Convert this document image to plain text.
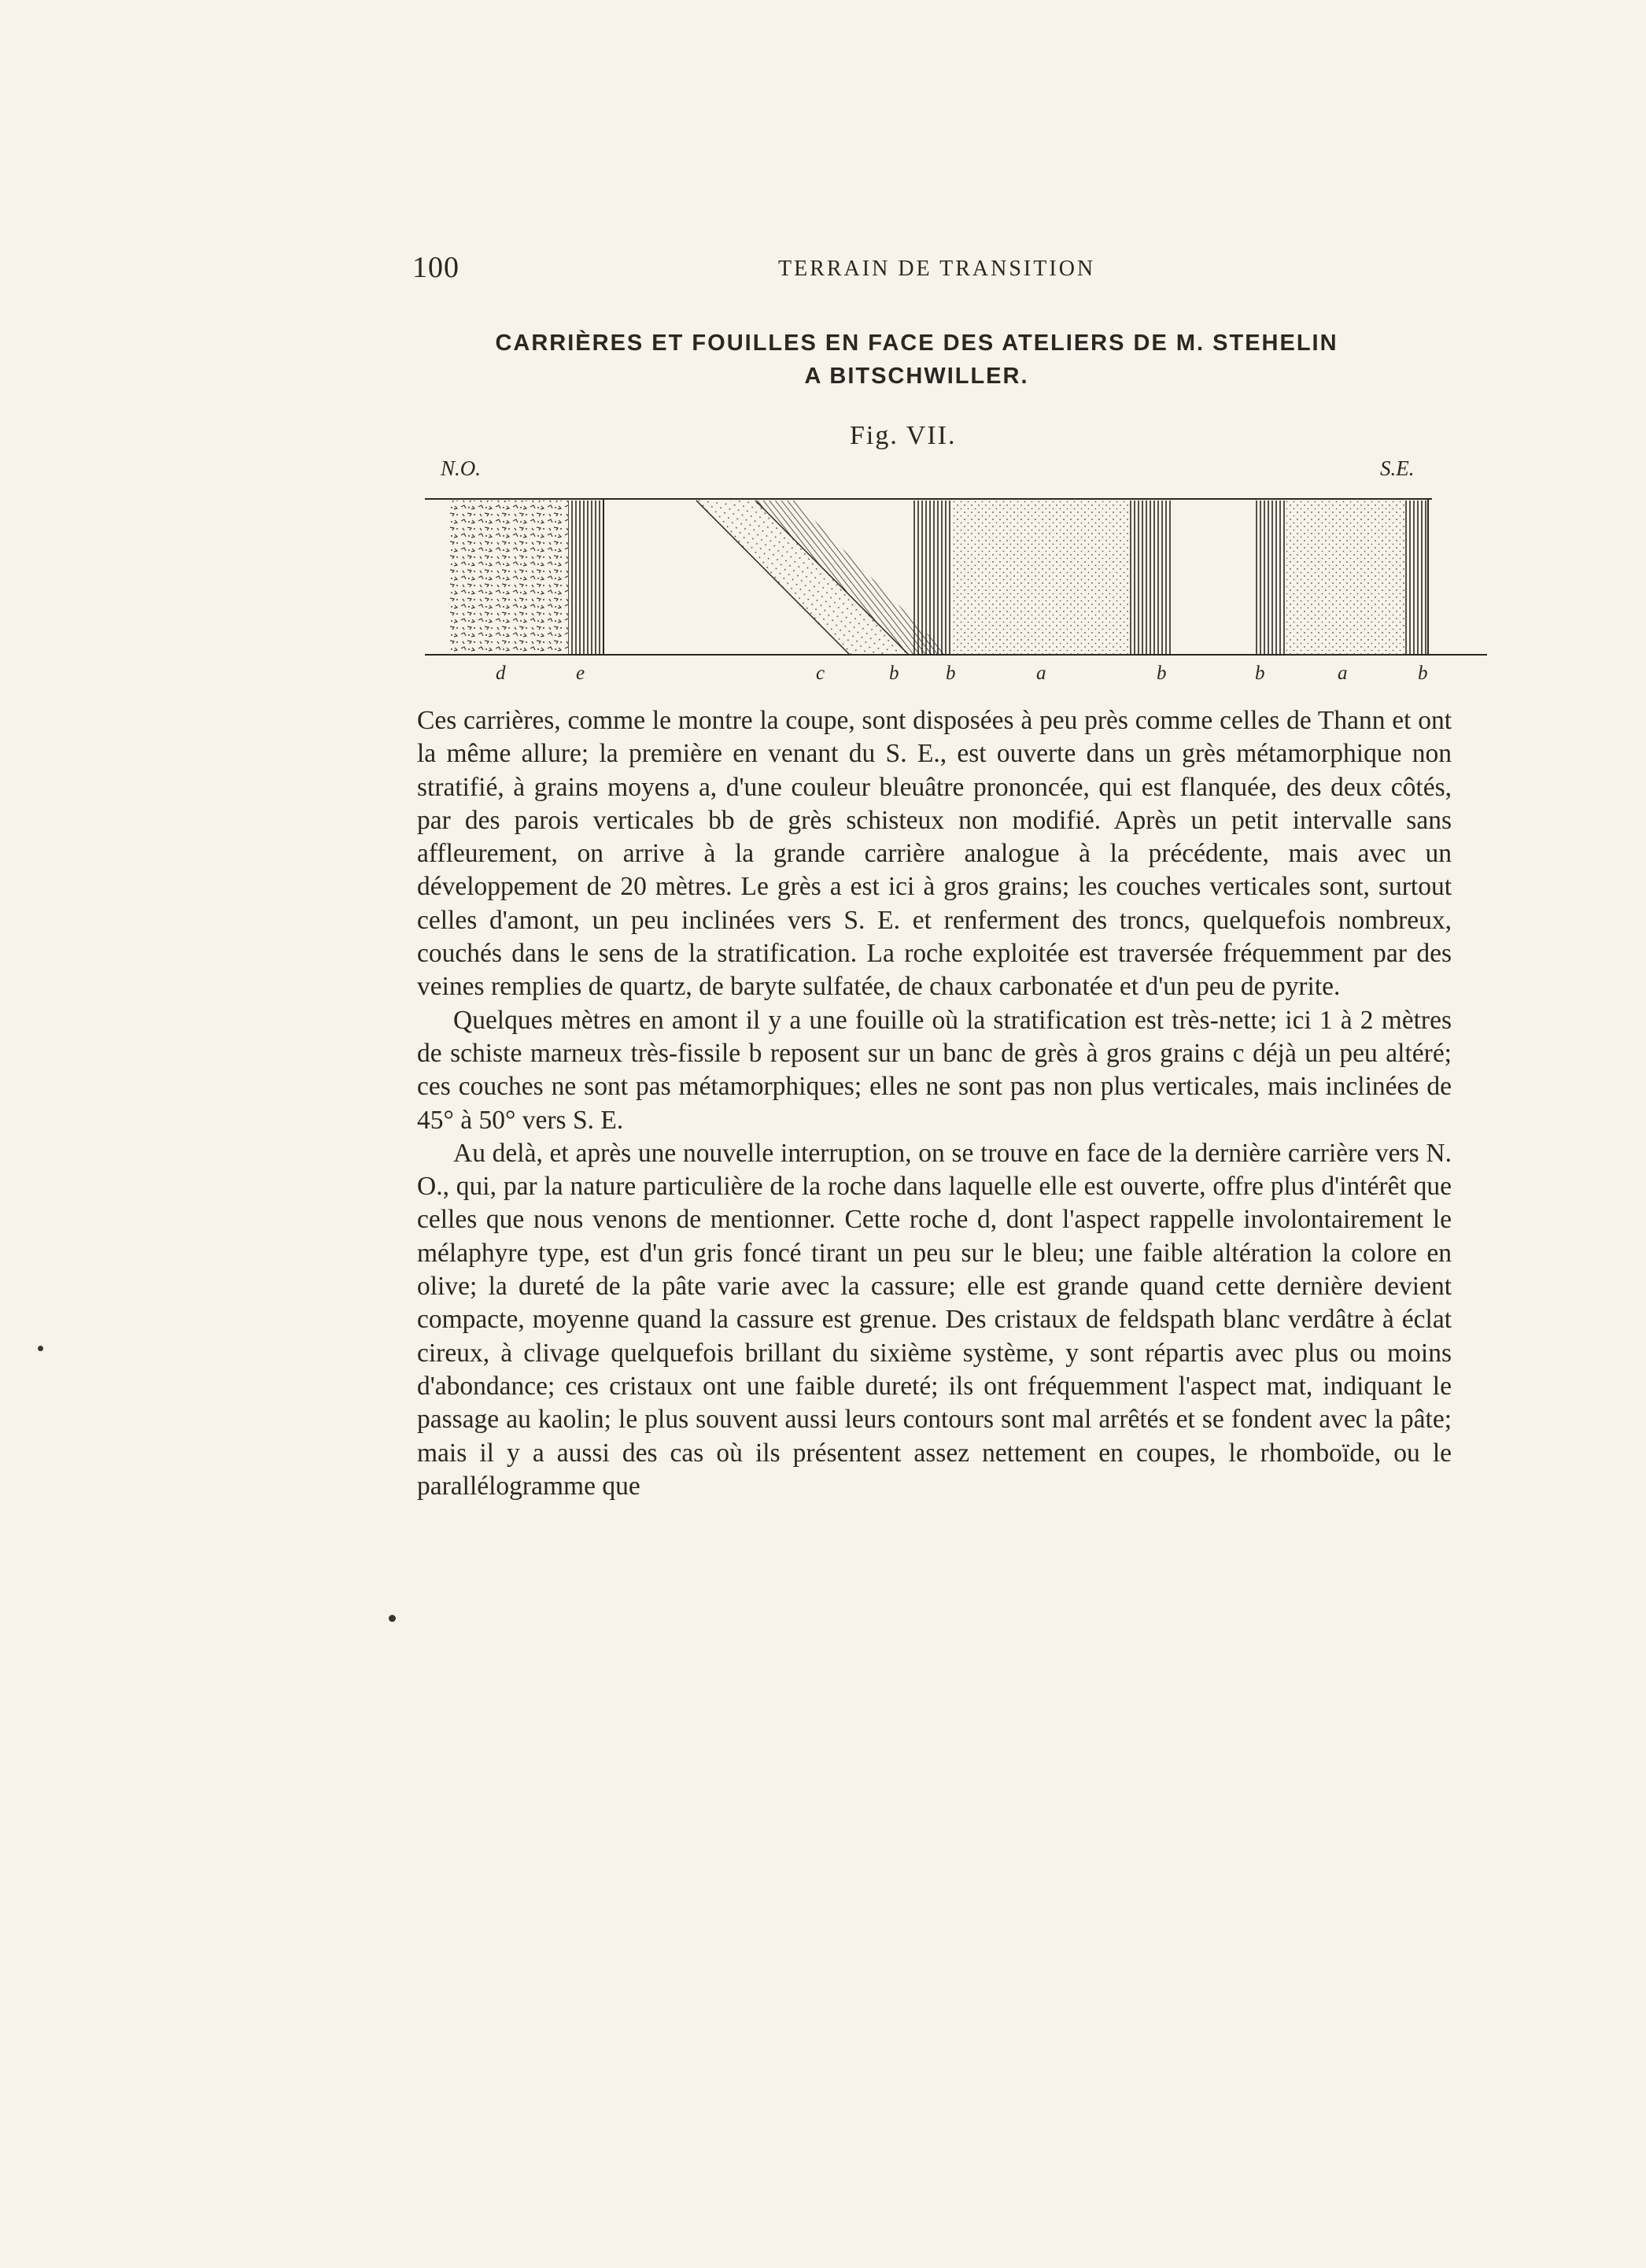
100	TERRAIN DE TRANSITION
CARRIÈRES ET FOUILLES EN FACE DES ATELIERS DE M. STEHELIN
A BITSCHWILLER.
Fig. VII.
N.O.	S.E.
d	e	c	b b	a	b	b	a	b

Ces carrières, comme le montre la coupe, sont disposées à peu près comme celles de Thann et ont la même allure; la première en venant du S. E., est ouverte dans un grès métamorphique non stratifié, à grains moyens a, d'une couleur bleuâtre prononcée, qui est flanquée, des deux côtés, par des parois verticales bb de grès schisteux non modifié. Après un petit intervalle sans affleurement, on arrive à la grande carrière analogue à la précédente, mais avec un développement de 20 mètres. Le grès a est ici à gros grains; les couches verticales sont, surtout celles d'amont, un peu inclinées vers S. E. et renferment des troncs, quelquefois nombreux, couchés dans le sens de la stratification. La roche exploitée est traversée fréquemment par des veines remplies de quartz, de baryte sulfatée, de chaux carbonatée et d'un peu de pyrite.

Quelques mètres en amont il y a une fouille où la stratification est très-nette; ici 1 à 2 mètres de schiste marneux très-fissile b reposent sur un banc de grès à gros grains c déjà un peu altéré; ces couches ne sont pas métamorphiques; elles ne sont pas non plus verticales, mais inclinées de 45° à 50° vers S. E.

Au delà, et après une nouvelle interruption, on se trouve en face de la dernière carrière vers N. O., qui, par la nature particulière de la roche dans laquelle elle est ouverte, offre plus d'intérêt que celles que nous venons de mentionner. Cette roche d, dont l'aspect rappelle involontairement le mélaphyre type, est d'un gris foncé tirant un peu sur le bleu; une faible altération la colore en olive; la dureté de la pâte varie avec la cassure; elle est grande quand cette dernière devient compacte, moyenne quand la cassure est grenue. Des cristaux de feldspath blanc verdâtre à éclat cireux, à clivage quelquefois brillant du sixième système, y sont répartis avec plus ou moins d'abondance; ces cristaux ont une faible dureté; ils ont fréquemment l'aspect mat, indiquant le passage au kaolin; le plus souvent aussi leurs contours sont mal arrêtés et se fondent avec la pâte; mais il y a aussi des cas où ils présentent assez nettement en coupes, le rhomboïde, ou le parallélogramme que
